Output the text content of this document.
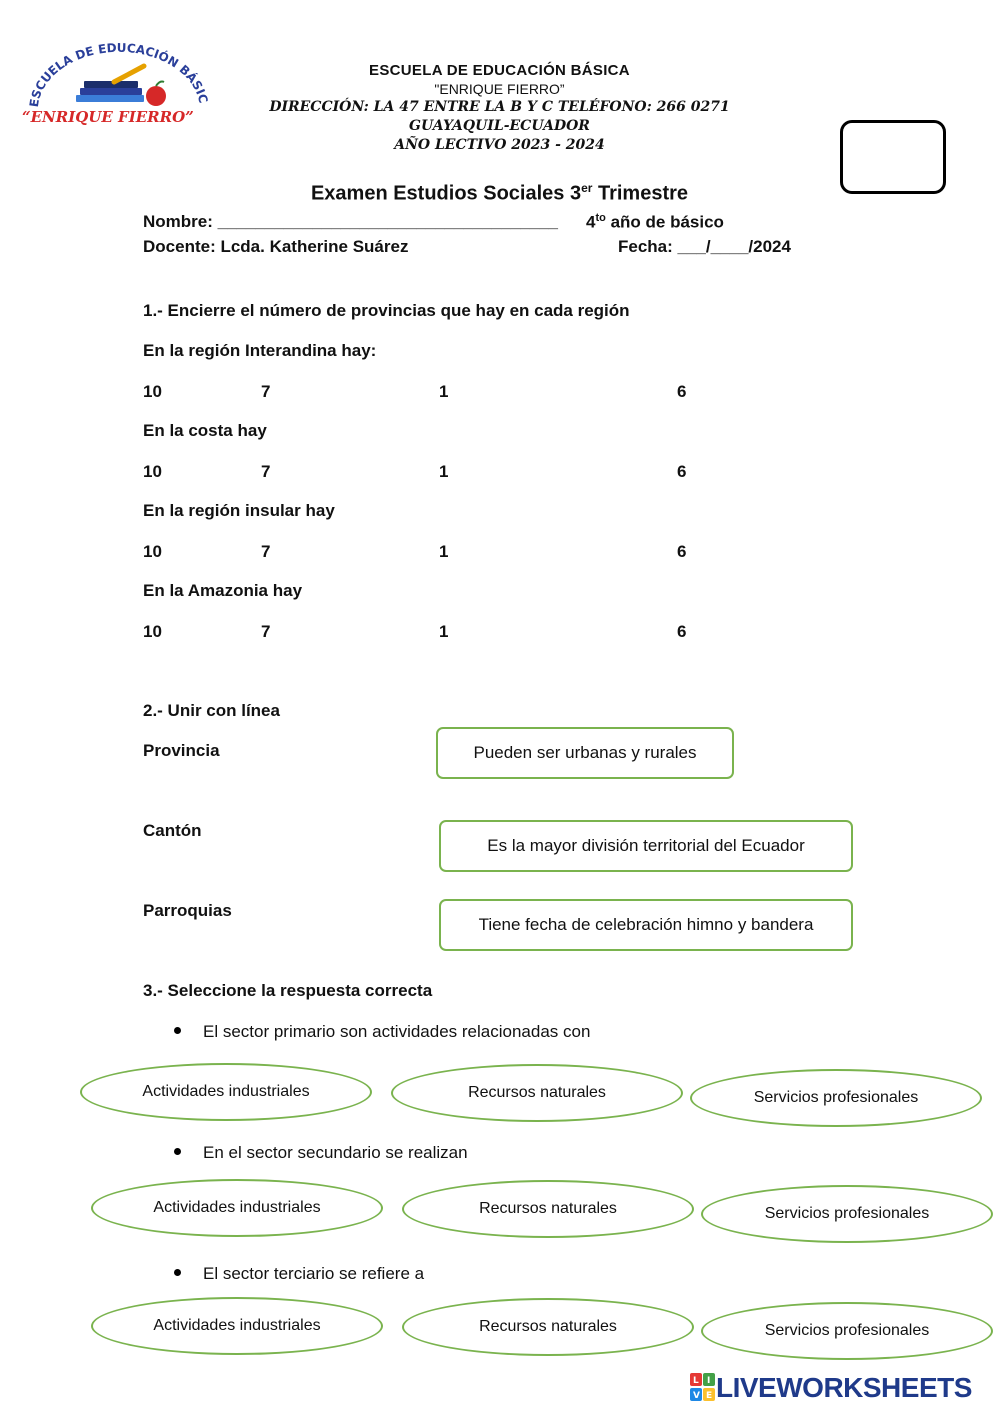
ESCUELA DE EDUCACIÓN BÁSIC
“ENRIQUE FIERRO”
ESCUELA DE EDUCACIÓN BÁSICA
"ENRIQUE FIERRO”
DIRECCIÓN: LA 47 ENTRE LA B Y C TELÉFONO: 266 0271
GUAYAQUIL-ECUADOR
AÑO LECTIVO 2023 - 2024
Examen Estudios Sociales 3er Trimestre
Nombre: ____________________________________ $4^{to}$ año de básico
Docente: Lcda. Katherine Suárez	Fecha: ___/____/2024
1.- Encierre el número de provincias que hay en cada región
En la región Interandina hay:
10	7	1	6
En la costa hay
10	7	1	6
En la región insular hay
10	7	1	6
En la Amazonia hay
10	7	1	6
2.- Unir con línea
Provincia
Cantón
Parroquias
Pueden ser urbanas y rurales
Es la mayor división territorial del Ecuador
Tiene fecha de celebración himno y bandera
3.- Seleccione la respuesta correcta
El sector primario son actividades relacionadas con
Actividades industriales	Recursos naturales	Servicios profesionales
En el sector secundario se realizan
Actividades industriales	Recursos naturales	Servicios profesionales
El sector terciario se refiere a
Actividades industriales	Recursos naturales	Servicios profesionales
L I
V E LIVEWORKSHEETS
